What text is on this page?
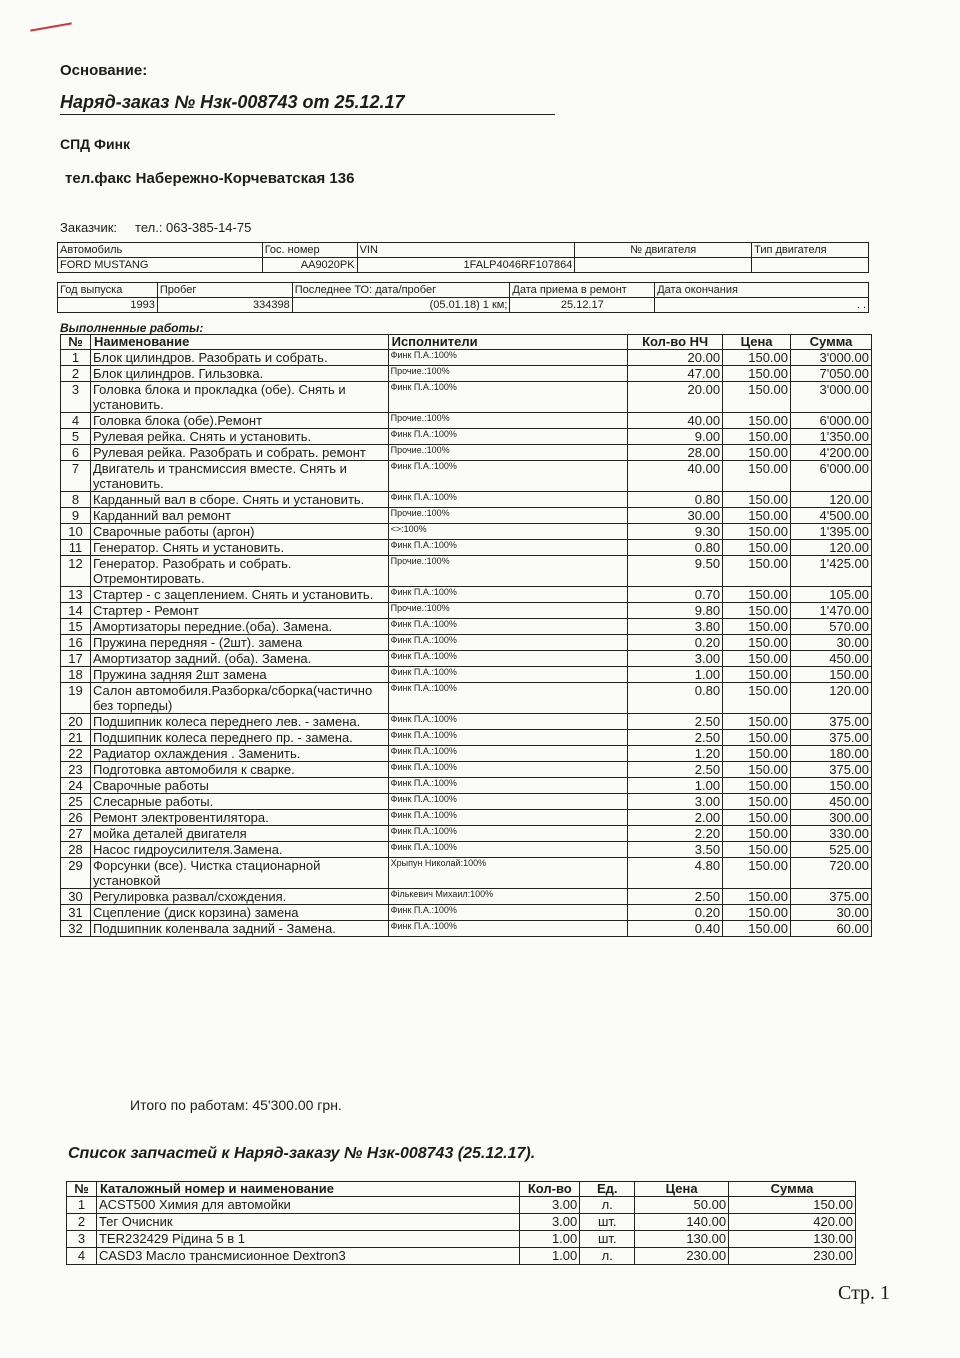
Основание:
Наряд-заказ № Нзк-008743 от 25.12.17
СПД Финк
тел.факс Набережно-Корчеватская 136
Заказчик: тел.: 063-385-14-75
Автомобиль	Гос. номер	VIN	№ двигателя	Тип двигателя
FORD MUSTANG	AA9020PK	1FALP4046RF107864		
Год выпуска	Пробег	Последнее ТО: дата/пробег	Дата приема в ремонт	Дата окончания
1993	334398	(05.01.18) 1 км;	25.12.17	. .
Выполненные работы:
№	Наименование	Исполнители	Кол-во НЧ	Цена	Сумма
1	Блок цилиндров. Разобрать и собрать.	Финк П.А.:100%	20.00	150.00	3'000.00
2	Блок цилиндров. Гильзовка.	Прочие.:100%	47.00	150.00	7'050.00
3	Головка блока и прокладка (обе). Снять и установить.	Финк П.А.:100%	20.00	150.00	3'000.00
4	Головка блока (обе).Ремонт	Прочие.:100%	40.00	150.00	6'000.00
5	Рулевая рейка. Снять и установить.	Финк П.А.:100%	9.00	150.00	1'350.00
6	Рулевая рейка. Разобрать и собрать. ремонт	Прочие.:100%	28.00	150.00	4'200.00
7	Двигатель и трансмиссия вместе. Снять и установить.	Финк П.А.:100%	40.00	150.00	6'000.00
8	Карданный вал в сборе. Снять и установить.	Финк П.А.:100%	0.80	150.00	120.00
9	Карданний вал ремонт	Прочие.:100%	30.00	150.00	4'500.00
10	Сварочные работы (аргон)	<>:100%	9.30	150.00	1'395.00
11	Генератор. Снять и установить.	Финк П.А.:100%	0.80	150.00	120.00
12	Генератор. Разобрать и собрать. Отремонтировать.	Прочие.:100%	9.50	150.00	1'425.00
13	Стартер - с зацеплением. Снять и установить.	Финк П.А.:100%	0.70	150.00	105.00
14	Стартер - Ремонт	Прочие.:100%	9.80	150.00	1'470.00
15	Амортизаторы передние.(оба). Замена.	Финк П.А.:100%	3.80	150.00	570.00
16	Пружина передняя - (2шт). замена	Финк П.А.:100%	0.20	150.00	30.00
17	Амортизатор задний. (оба). Замена.	Финк П.А.:100%	3.00	150.00	450.00
18	Пружина задняя 2шт замена	Финк П.А.:100%	1.00	150.00	150.00
19	Салон автомобиля.Разборка/сборка(частично без торпеды)	Финк П.А.:100%	0.80	150.00	120.00
20	Подшипник колеса переднего лев. - замена.	Финк П.А.:100%	2.50	150.00	375.00
21	Подшипник колеса переднего пр. - замена.	Финк П.А.:100%	2.50	150.00	375.00
22	Радиатор охлаждения . Заменить.	Финк П.А.:100%	1.20	150.00	180.00
23	Подготовка автомобиля к сварке.	Финк П.А.:100%	2.50	150.00	375.00
24	Сварочные работы	Финк П.А.:100%	1.00	150.00	150.00
25	Слесарные работы.	Финк П.А.:100%	3.00	150.00	450.00
26	Ремонт электровентилятора.	Финк П.А.:100%	2.00	150.00	300.00
27	мойка деталей двигателя	Финк П.А.:100%	2.20	150.00	330.00
28	Насос гидроусилителя.Замена.	Финк П.А.:100%	3.50	150.00	525.00
29	Форсунки (все). Чистка стационарной установкой	Хрыпун Николай:100%	4.80	150.00	720.00
30	Регулировка развал/схождения.	Фількевич Михаил:100%	2.50	150.00	375.00
31	Сцепление (диск корзина) замена	Финк П.А.:100%	0.20	150.00	30.00
32	Подшипник коленвала задний - Замена.	Финк П.А.:100%	0.40	150.00	60.00
Итого по работам: 45'300.00 грн.
Список запчастей к Наряд-заказу № Нзк-008743 (25.12.17).
№	Каталожный номер и наименование	Кол-во	Ед.	Цена	Сумма
1	ACST500 Химия для автомойки	3.00	л.	50.00	150.00
2	Тег Очисник	3.00	шт.	140.00	420.00
3	TER232429 Рідина 5 в 1	1.00	шт.	130.00	130.00
4	CASD3 Масло трансмисионное Dextron3	1.00	л.	230.00	230.00
Стр. 1
